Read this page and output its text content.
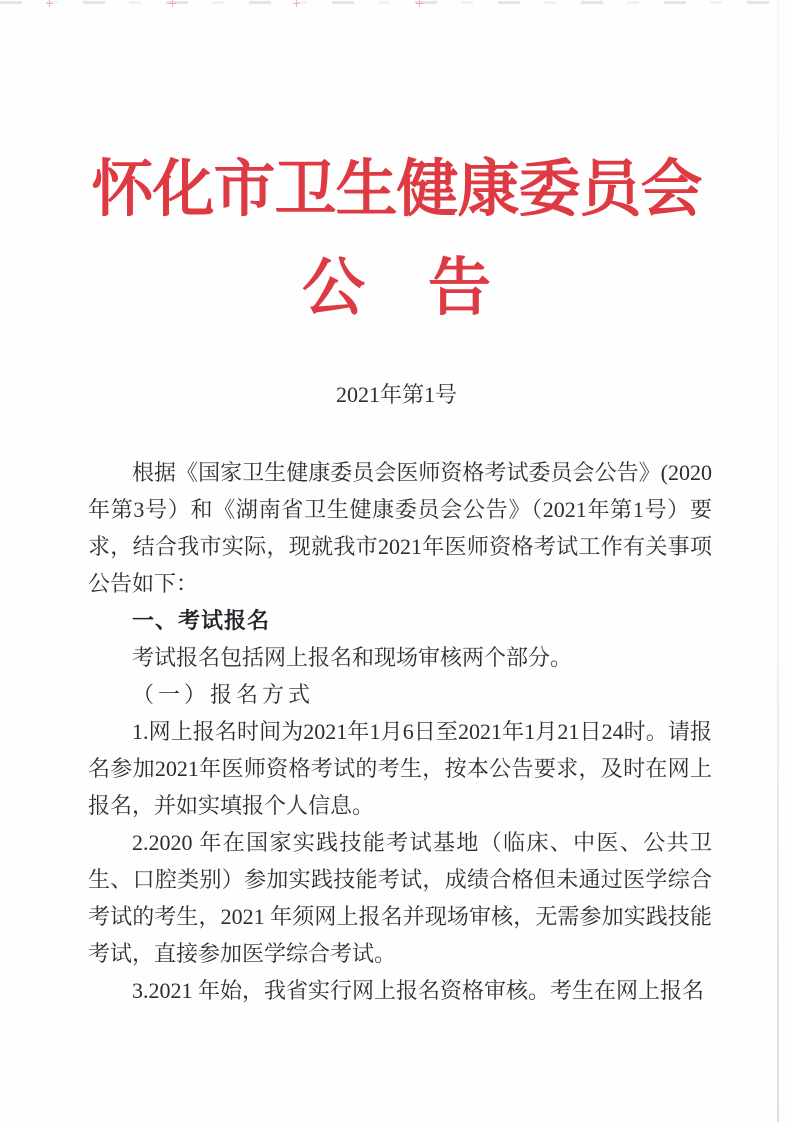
怀化市卫生健康委员会
公　告
2021年第1号

根据《国家卫生健康委员会医师资格考试委员会公告》(2020年第3号）和《湖南省卫生健康委员会公告》（2021年第1号）要求，结合我市实际，现就我市2021年医师资格考试工作有关事项公告如下：

一、考试报名

考试报名包括网上报名和现场审核两个部分。

（一）报名方式

1.网上报名时间为2021年1月6日至2021年1月21日24时。请报名参加2021年医师资格考试的考生，按本公告要求，及时在网上报名，并如实填报个人信息。

2.2020 年在国家实践技能考试基地（临床、中医、公共卫生、口腔类别）参加实践技能考试，成绩合格但未通过医学综合考试的考生，2021 年须网上报名并现场审核，无需参加实践技能考试，直接参加医学综合考试。

3.2021 年始，我省实行网上报名资格审核。考生在网上报名
